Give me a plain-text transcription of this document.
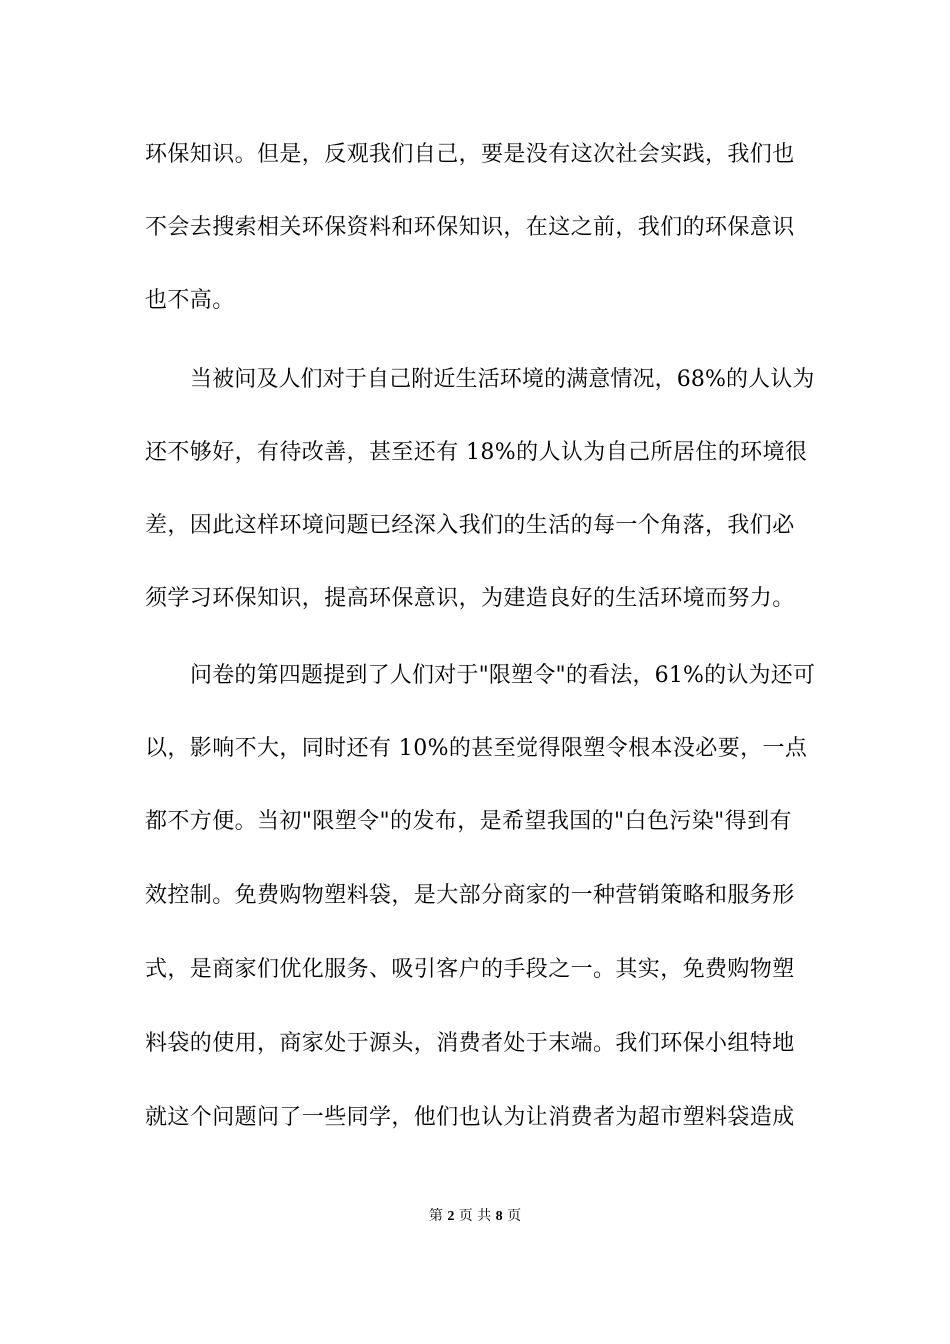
环保知识。但是，反观我们自己，要是没有这次社会实践，我们也
不会去搜索相关环保资料和环保知识，在这之前，我们的环保意识
也不高。
当被问及人们对于自己附近生活环境的满意情况，68%的人认为
还不够好，有待改善，甚至还有 18%的人认为自己所居住的环境很
差，因此这样环境问题已经深入我们的生活的每一个角落，我们必
须学习环保知识，提高环保意识，为建造良好的生活环境而努力。
问卷的第四题提到了人们对于"限塑令"的看法，61%的认为还可
以，影响不大，同时还有 10%的甚至觉得限塑令根本没必要，一点
都不方便。当初"限塑令"的发布，是希望我国的"白色污染"得到有
效控制。免费购物塑料袋，是大部分商家的一种营销策略和服务形
式，是商家们优化服务、吸引客户的手段之一。其实，免费购物塑
料袋的使用，商家处于源头，消费者处于末端。我们环保小组特地
就这个问题问了一些同学，他们也认为让消费者为超市塑料袋造成
第 2 页 共 8 页
